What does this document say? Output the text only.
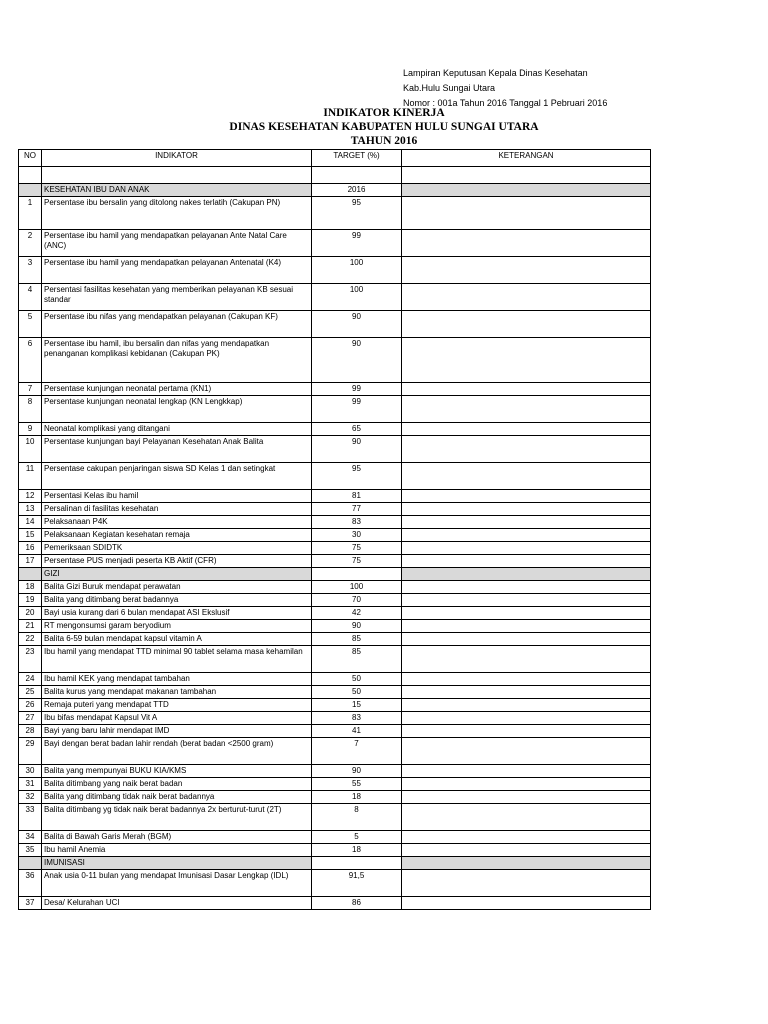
Lampiran Keputusan Kepala Dinas Kesehatan
Kab.Hulu Sungai Utara
Nomor : 001a Tahun 2016 Tanggal 1 Pebruari 2016
INDIKATOR KINERJA
DINAS KESEHATAN KABUPATEN HULU SUNGAI UTARA
TAHUN 2016
NO	INDIKATOR	TARGET (%)	KETERANGAN

	KESEHATAN IBU DAN ANAK	2016	
1	Persentase ibu bersalin yang ditolong nakes terlatih (Cakupan PN)	95	
2	Persentase ibu hamil yang mendapatkan pelayanan Ante Natal Care (ANC)	99	
3	Persentase ibu hamil yang mendapatkan pelayanan Antenatal (K4)	100	
4	Persentasi fasilitas kesehatan yang memberikan pelayanan KB sesuai standar	100	
5	Persentase ibu nifas yang mendapatkan pelayanan (Cakupan KF)	90	
6	Persentase ibu hamil, ibu bersalin dan nifas yang mendapatkan penanganan komplikasi kebidanan (Cakupan PK)	90	
7	Persentase kunjungan neonatal pertama (KN1)	99	
8	Persentase kunjungan neonatal lengkap (KN Lengkkap)	99	
9	Neonatal komplikasi yang ditangani	65	
10	Persentase kunjungan bayi Pelayanan Kesehatan Anak Balita	90	
11	Persentase cakupan penjaringan siswa SD Kelas 1 dan setingkat	95	
12	Persentasi Kelas ibu hamil	81	
13	Persalinan di fasilitas kesehatan	77	
14	Pelaksanaan P4K	83	
15	Pelaksanaan Kegiatan kesehatan remaja	30	
16	Pemeriksaan SDIDTK	75	
17	Persentase PUS menjadi peserta KB Aktif (CFR)	75	
	GIZI		
18	Balita Gizi Buruk mendapat perawatan	100	
19	Balita yang ditimbang berat badannya	70	
20	Bayi usia kurang dari 6 bulan mendapat ASI Ekslusif	42	
21	RT mengonsumsi garam beryodium	90	
22	Balita 6-59 bulan mendapat kapsul vitamin A	85	
23	Ibu hamil yang mendapat TTD minimal 90 tablet selama masa kehamilan	85	
24	Ibu hamil KEK yang mendapat tambahan	50	
25	Balita kurus yang mendapat makanan tambahan	50	
26	Remaja puteri yang mendapat TTD	15	
27	Ibu bifas mendapat Kapsul Vit A	83	
28	Bayi yang baru lahir mendapat IMD	41	
29	Bayi dengan berat badan lahir rendah (berat badan <2500 gram)	7	
30	Balita yang mempunyai BUKU KIA/KMS	90	
31	Balita ditimbang yang naik berat badan	55	
32	Balita yang ditimbang tidak naik berat badannya	18	
33	Balita ditimbang yg tidak naik berat badannya 2x berturut-turut (2T)	8	
34	Balita di Bawah Garis Merah (BGM)	5	
35	Ibu hamil Anemia	18	
	IMUNISASI		
36	Anak usia 0-11 bulan yang mendapat Imunisasi Dasar Lengkap (IDL)	91,5	
37	Desa/ Kelurahan UCI	86	
